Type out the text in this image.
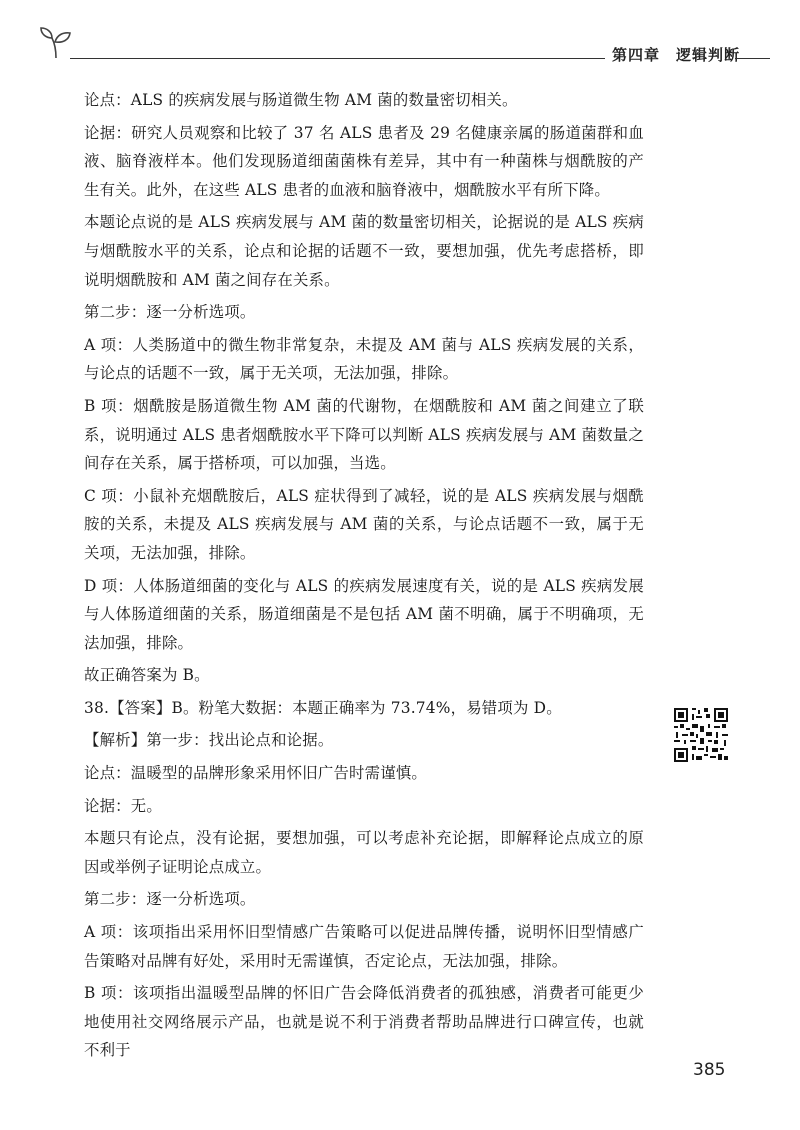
第四章 逻辑判断

论点：ALS 的疾病发展与肠道微生物 AM 菌的数量密切相关。

论据：研究人员观察和比较了 37 名 ALS 患者及 29 名健康亲属的肠道菌群和血液、脑脊液样本。他们发现肠道细菌菌株有差异，其中有一种菌株与烟酰胺的产生有关。此外，在这些 ALS 患者的血液和脑脊液中，烟酰胺水平有所下降。

本题论点说的是 ALS 疾病发展与 AM 菌的数量密切相关，论据说的是 ALS 疾病与烟酰胺水平的关系，论点和论据的话题不一致，要想加强，优先考虑搭桥，即说明烟酰胺和 AM 菌之间存在关系。

第二步：逐一分析选项。

A 项：人类肠道中的微生物非常复杂，未提及 AM 菌与 ALS 疾病发展的关系，与论点的话题不一致，属于无关项，无法加强，排除。

B 项：烟酰胺是肠道微生物 AM 菌的代谢物，在烟酰胺和 AM 菌之间建立了联系，说明通过 ALS 患者烟酰胺水平下降可以判断 ALS 疾病发展与 AM 菌数量之间存在关系，属于搭桥项，可以加强，当选。

C 项：小鼠补充烟酰胺后，ALS 症状得到了减轻，说的是 ALS 疾病发展与烟酰胺的关系，未提及 ALS 疾病发展与 AM 菌的关系，与论点话题不一致，属于无关项，无法加强，排除。

D 项：人体肠道细菌的变化与 ALS 的疾病发展速度有关，说的是 ALS 疾病发展与人体肠道细菌的关系，肠道细菌是不是包括 AM 菌不明确，属于不明确项，无法加强，排除。

故正确答案为 B。

38.【答案】B。粉笔大数据：本题正确率为 73.74%，易错项为 D。

【解析】第一步：找出论点和论据。

论点：温暖型的品牌形象采用怀旧广告时需谨慎。

论据：无。

本题只有论点，没有论据，要想加强，可以考虑补充论据，即解释论点成立的原因或举例子证明论点成立。

第二步：逐一分析选项。

A 项：该项指出采用怀旧型情感广告策略可以促进品牌传播，说明怀旧型情感广告策略对品牌有好处，采用时无需谨慎，否定论点，无法加强，排除。

B 项：该项指出温暖型品牌的怀旧广告会降低消费者的孤独感，消费者可能更少地使用社交网络展示产品，也就是说不利于消费者帮助品牌进行口碑宣传，也就不利于

385
